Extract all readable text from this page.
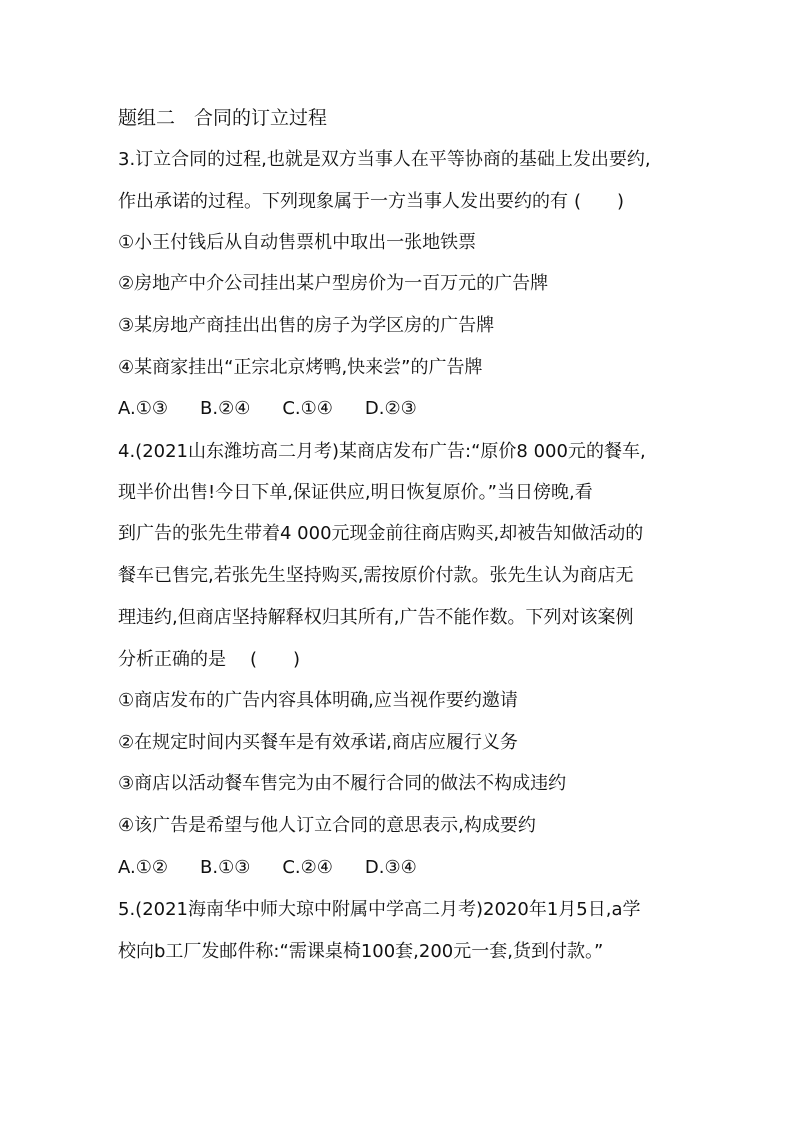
题组二　合同的订立过程
3.订立合同的过程,也就是双方当事人在平等协商的基础上发出要约,
作出承诺的过程。下列现象属于一方当事人发出要约的有 (　　)
①小王付钱后从自动售票机中取出一张地铁票
②房地产中介公司挂出某户型房价为一百万元的广告牌
③某房地产商挂出出售的房子为学区房的广告牌
④某商家挂出“正宗北京烤鸭,快来尝”的广告牌
A.①③ B.②④ C.①④ D.②③
4.(2021山东潍坊高二月考)某商店发布广告:“原价8 000元的餐车,
现半价出售!今日下单,保证供应,明日恢复原价。”当日傍晚,看
到广告的张先生带着4 000元现金前往商店购买,却被告知做活动的
餐车已售完,若张先生坚持购买,需按原价付款。张先生认为商店无
理违约,但商店坚持解释权归其所有,广告不能作数。下列对该案例
分析正确的是 (　　)
①商店发布的广告内容具体明确,应当视作要约邀请
②在规定时间内买餐车是有效承诺,商店应履行义务
③商店以活动餐车售完为由不履行合同的做法不构成违约
④该广告是希望与他人订立合同的意思表示,构成要约
A.①② B.①③ C.②④ D.③④
5.(2021海南华中师大琼中附属中学高二月考)2020年1月5日,a学
校向b工厂发邮件称:“需课桌椅100套,200元一套,货到付款。”
